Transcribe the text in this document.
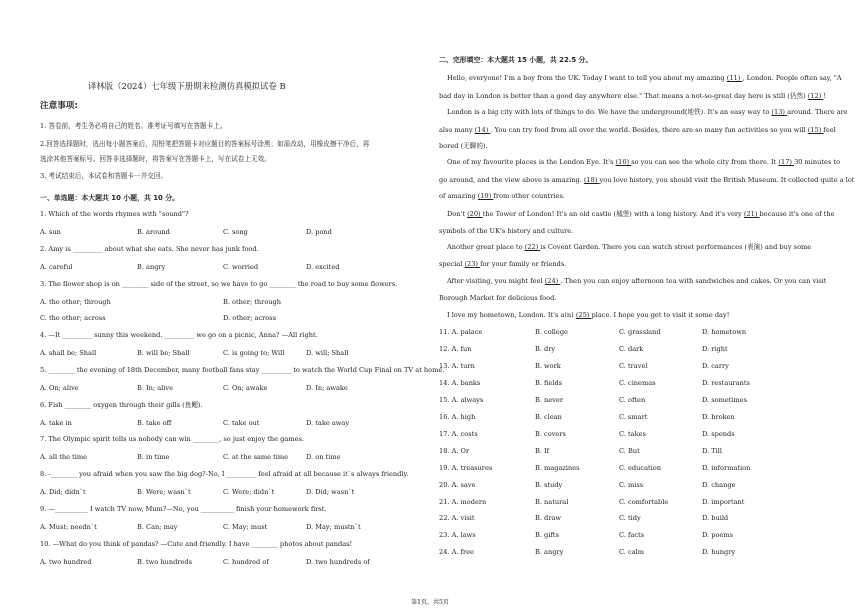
译林版（2024）七年级下册期末检测仿真模拟试卷 B
注意事项:
1. 答卷前，考生务必将自己的姓名、准考证号填写在答题卡上。
2.回答选择题时，选出每小题答案后，用铅笔把答题卡对应题目的答案标号涂黑；如需改动，用橡皮擦干净后，再
选涂其他答案标号。回答非选择题时，将答案写在答题卡上，写在试卷上无效。
3. 考试结束后，本试卷和答题卡一并交回。
一、单选题：本大题共 10 小题，共 10 分。
1. Which of the words rhymes with "sound"?
A. sun	B. around	C. song	D. pond
2. Amy is _________ about what she eats. She never has junk food.
A. careful	B. angry	C. worried	D. excited
3. The flower shop is on ________ side of the street, so we have to go ________ the road to buy some flowers.
A. the other; through	B. other; through
C. the other; across	D. other; across
4. —It _________ sunny this weekend. _________ we go on a picnic, Anna? —All right.
A. shall be; Shall	B. will be; Shall	C. is going to; Will	D. will; Shall
5. ________ the evening of 18th December, many football fans stay _________ to watch the World Cup Final on TV at home.
A. On; alive	B. In; alive	C. On; awake	D. In; awake
6. Fish ________ oxygen through their gills (鱼鳃).
A. take in	B. take off	C. take out	D. take away
7. The Olympic spirit tells us nobody can win ________, so just enjoy the games.
A. all the time	B. in time	C. at the same time	D. on time
8. -________ you afraid when you saw the big dog?-No, I _________ feel afraid at all because it`s always friendly.
A. Did; didn`t	B. Were; wasn`t	C. Were; didn`t	D. Did; wasn`t
9. —__________ I watch TV now, Mum?—No, you __________ finish your homework first.
A. Must; needn`t	B. Can; may	C. May; must	D. May; mustn`t
10. —What do you think of pandas? —Cute and friendly. I have ________ photos about pandas!
A. two hundred	B. two hundreds	C. hundred of	D. two hundreds of
二、完形填空：本大题共 15 小题，共 22.5 分。
Hello, everyone! I'm a boy from the UK. Today I want to tell you about my amazing (11) , London. People often say, "A
bad day in London is better than a good day anywhere else." That means a not-so-great day here is still (仍然) (12) !
London is a big city with lots of things to do. We have the underground(地铁). It's an easy way to (13) around. There are
also many (14) . You can try food from all over the world. Besides, there are so many fun activities so you will (15) feel
bored (无聊的).
One of my favourite places is the London Eye. It's (16) so you can see the whole city from there. It (17) 30 minutes to
go around, and the view above is amazing. (18) you love history, you should visit the British Museum. It collected quite a lot
of amazing (19) from other countries.
Don't (20) the Tower of London! It's an old castle (城堡) with a long history. And it's very (21) because it's one of the
symbols of the UK's history and culture.
Another great place to (22) is Covent Garden. There you can watch street performances (表演) and buy some
special (23) for your family or friends.
After visiting, you might feel (24) . Then you can enjoy afternoon tea with sandwiches and cakes. Or you can visit
Borough Market for delicious food.
I love my hometown, London. It's a(n) (25) place. I hope you get to visit it some day!
11. A. palace	B. college	C. grassland	D. hometown
12. A. fun	B. dry	C. dark	D. right
13. A. turn	B. work	C. travel	D. carry
14. A. banks	B. fields	C. cinemas	D. restaurants
15. A. always	B. never	C. often	D. sometimes
16. A. high	B. clean	C. smart	D. broken
17. A. costs	B. covers	C. takes	D. spends
18. A. Or	B. If	C. But	D. Till
19. A. treasures	B. magazines	C. education	D. information
20. A. save	B. study	C. miss	D. change
21. A. modern	B. natural	C. comfortable	D. important
22. A. visit	B. draw	C. tidy	D. build
23. A. laws	B. gifts	C. facts	D. poems
24. A. free	B. angry	C. calm	D. hungry
第1页，共5页
